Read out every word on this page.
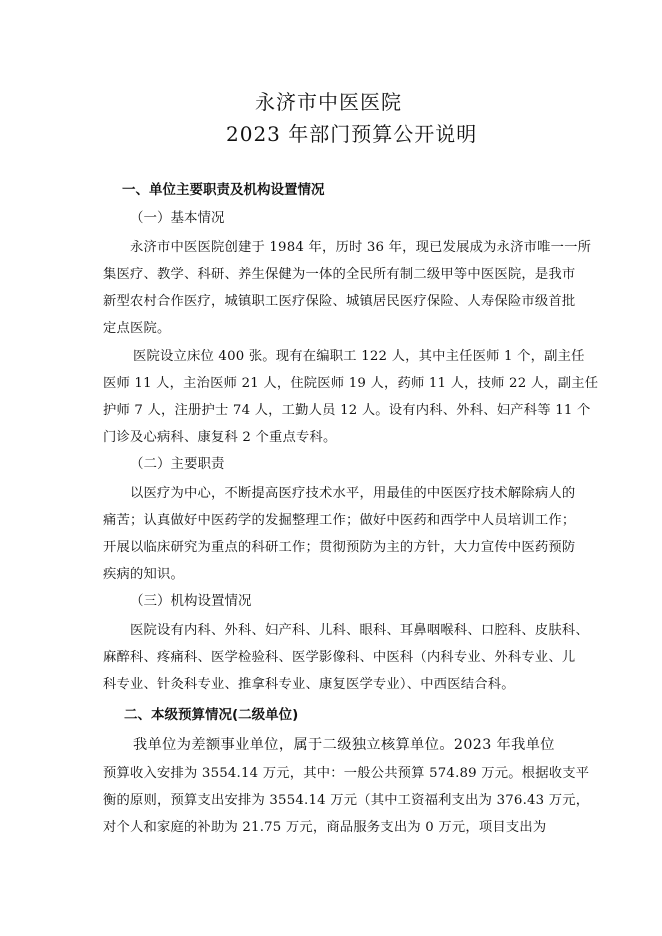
永济市中医医院
2023 年部门预算公开说明
一、单位主要职责及机构设置情况
（一）基本情况
永济市中医医院创建于 1984 年，历时 36 年，现已发展成为永济市唯一一所
集医疗、教学、科研、养生保健为一体的全民所有制二级甲等中医医院，是我市
新型农村合作医疗，城镇职工医疗保险、城镇居民医疗保险、人寿保险市级首批
定点医院。
医院设立床位 400 张。现有在编职工 122 人，其中主任医师 1 个，副主任
医师 11 人，主治医师 21 人，住院医师 19 人，药师 11 人，技师 22 人，副主任
护师 7 人，注册护士 74 人，工勤人员 12 人。设有内科、外科、妇产科等 11 个
门诊及心病科、康复科 2 个重点专科。
（二）主要职责
以医疗为中心，不断提高医疗技术水平，用最佳的中医医疗技术解除病人的
痛苦；认真做好中医药学的发掘整理工作；做好中医药和西学中人员培训工作；
开展以临床研究为重点的科研工作；贯彻预防为主的方针，大力宣传中医药预防
疾病的知识。
（三）机构设置情况
医院设有内科、外科、妇产科、儿科、眼科、耳鼻咽喉科、口腔科、皮肤科、
麻醉科、疼痛科、医学检验科、医学影像科、中医科（内科专业、外科专业、儿
科专业、针灸科专业、推拿科专业、康复医学专业）、中西医结合科。
二、本级预算情况(二级单位)
我单位为差额事业单位，属于二级独立核算单位。2023 年我单位
预算收入安排为 3554.14 万元，其中：一般公共预算 574.89 万元。根据收支平
衡的原则，预算支出安排为 3554.14 万元（其中工资福利支出为 376.43 万元，
对个人和家庭的补助为 21.75 万元，商品服务支出为 0 万元，项目支出为
